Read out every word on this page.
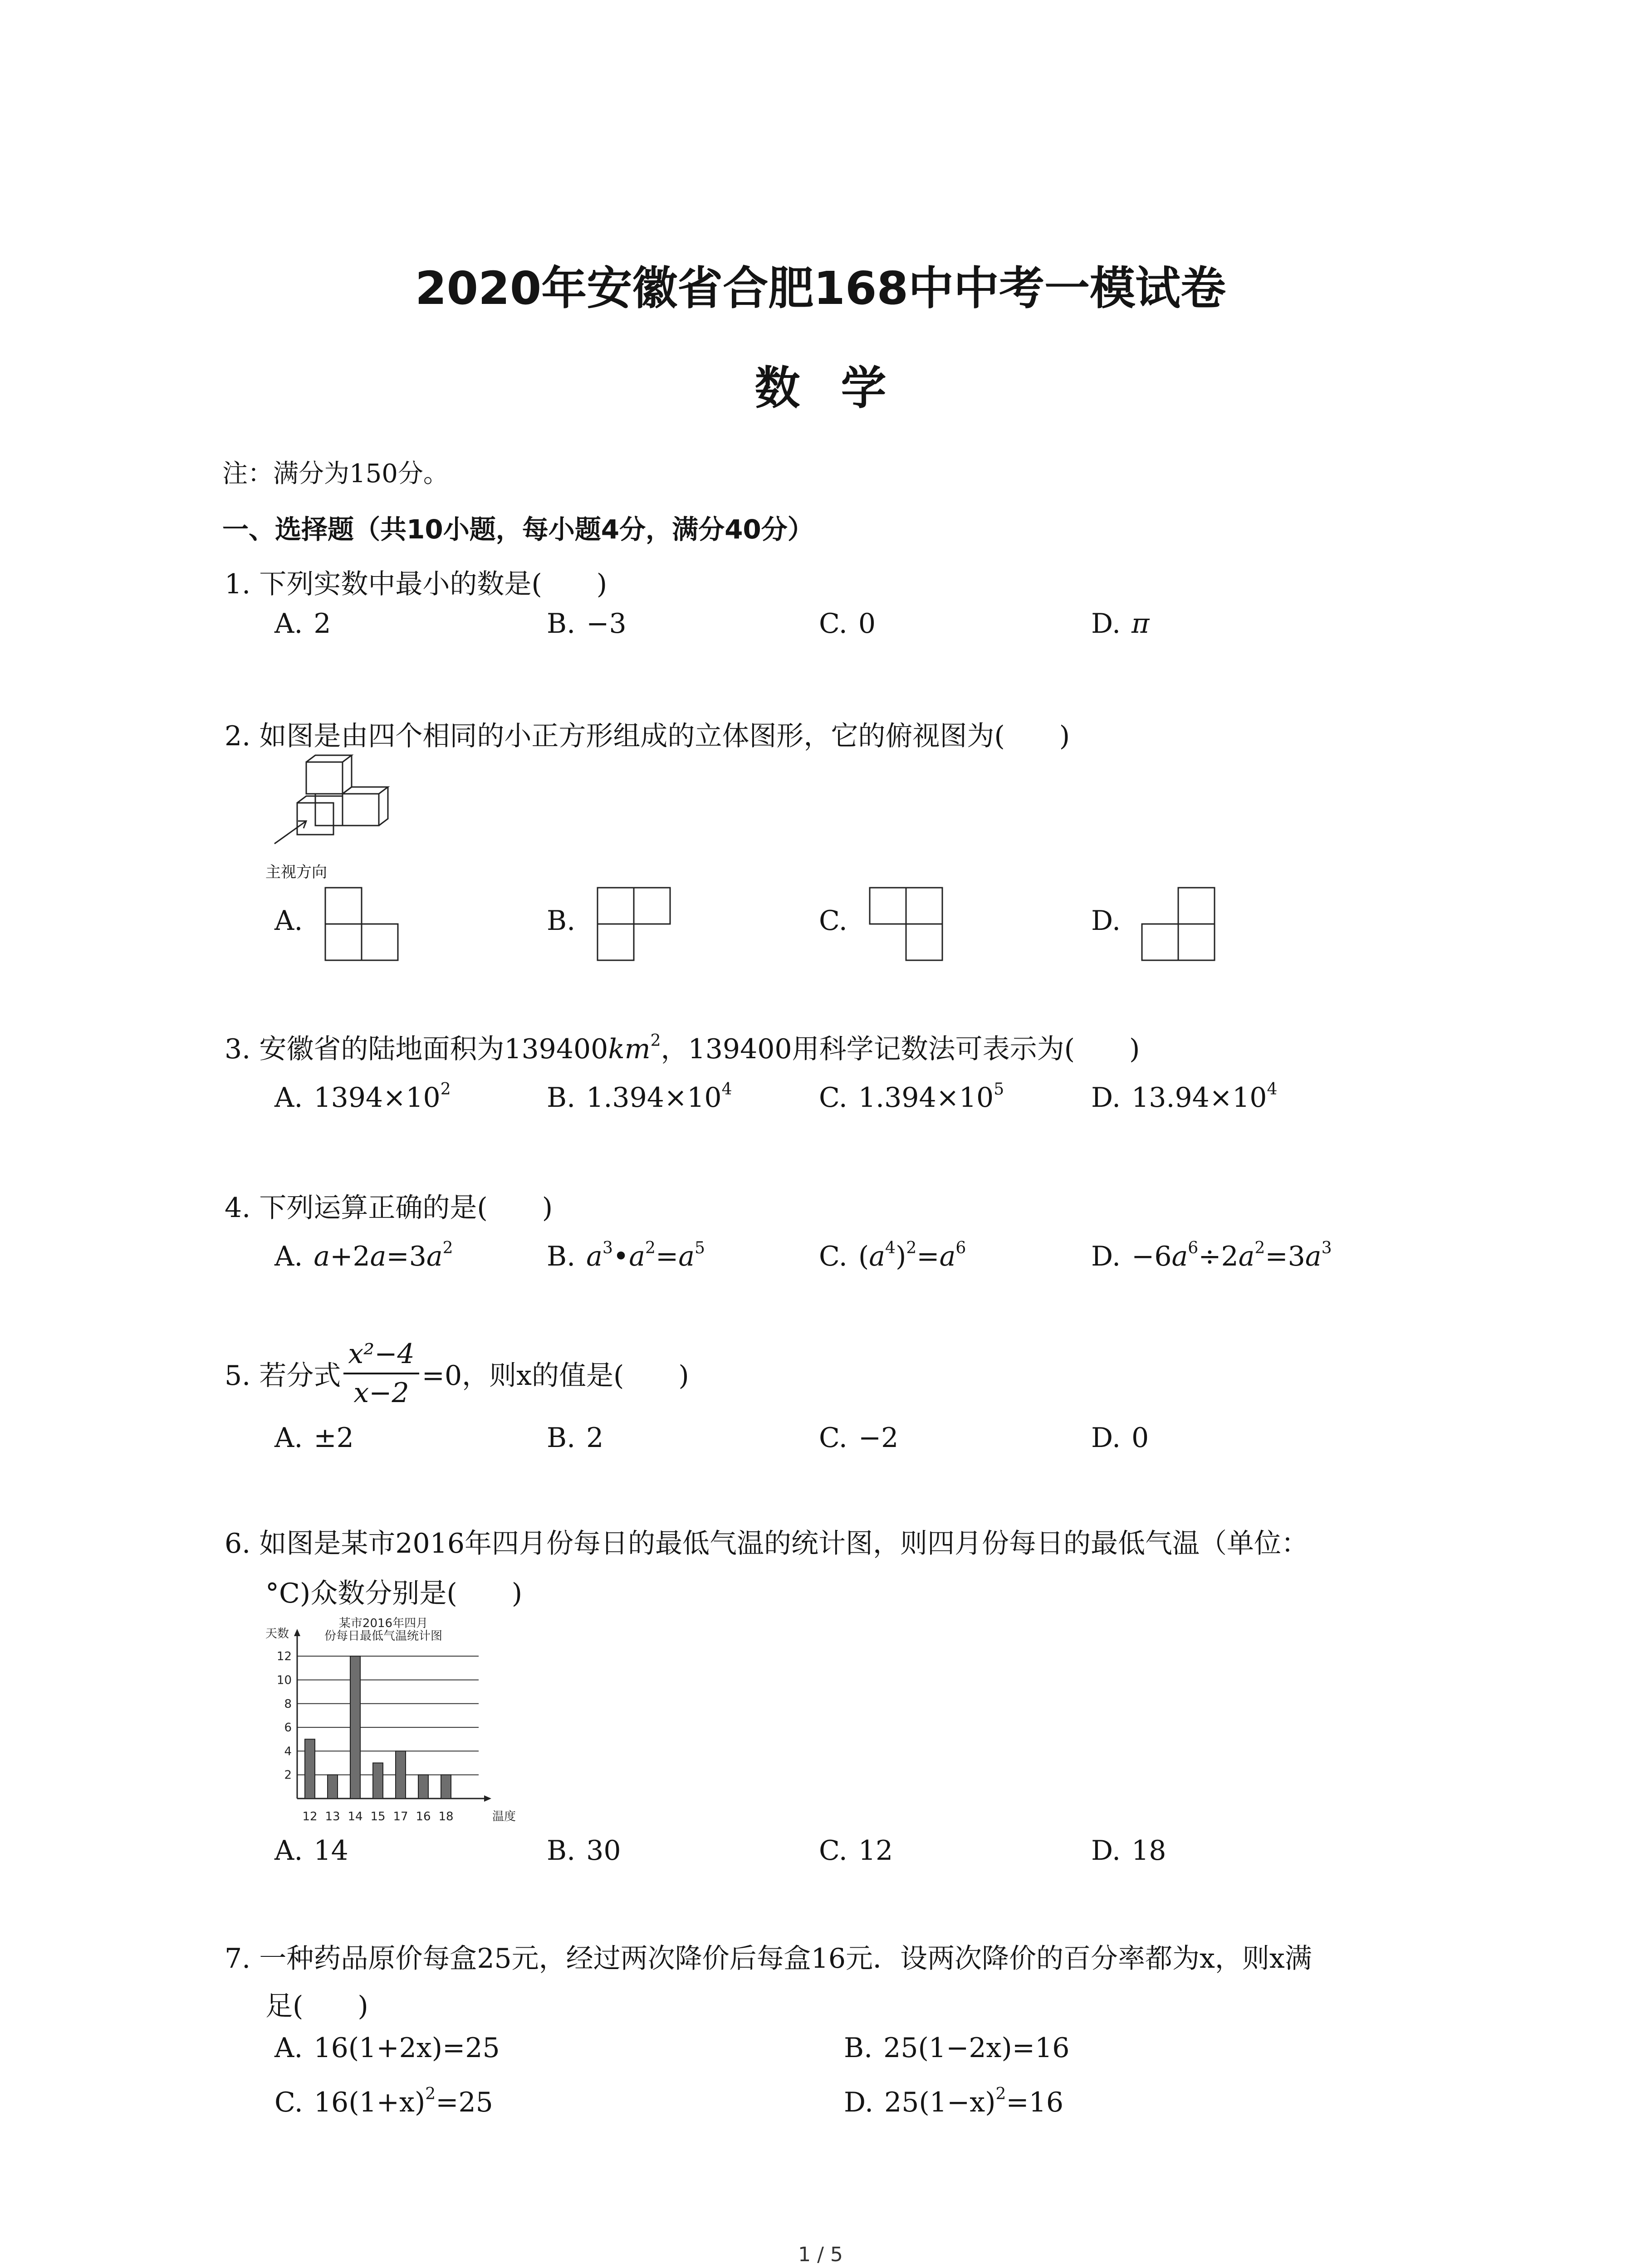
2020年安徽省合肥168中中考一模试卷
数学
注：满分为150分。
一、选择题（共10小题，每小题4分，满分40分）
1. 下列实数中最小的数是(　　)
A. 2	B. −3	C. 0	D. π
2. 如图是由四个相同的小正方形组成的立体图形，它的俯视图为(　　)
主视方向
A.	B.	C.	D.
3. 安徽省的陆地面积为$139400km^2$，139400用科学记数法可表示为(　　)
A. $1394\times 10^2$	B. $1.394\times 10^4$	C. $1.394\times 10^5$	D. $13.94\times 10^4$
4. 下列运算正确的是(　　)
A. $a+2a=3a^2$	B. $a^3•a^2=a^5$	C. $(a^4)^2=a^6$	D. $-6a^6\div 2a^2=3a^3$
5. 若分式 $\frac{\text{x²−4}}{x-2} =0$，则x的值是(　　)
A. ±2	B. 2	C. −2	D. 0
6. 如图是某市2016年四月份每日的最低气温的统计图，则四月份每日的最低气温（单位：
°C)众数分别是(　　)
某市2016年四月
份每日最低气温统计图
2
4
6
8
10
12
天数
温度
12 13 14 15 17 16 18
A. 14	B. 30	C. 12	D. 18
7. 一种药品原价每盒25元，经过两次降价后每盒16元．设两次降价的百分率都为x，则x满
足(　　)
A. 16(1+2x)=25	B. 25(1−2x)=16
C. $16(1+x)^2=25$	D. $25(1-x)^2=16$
1 / 5
